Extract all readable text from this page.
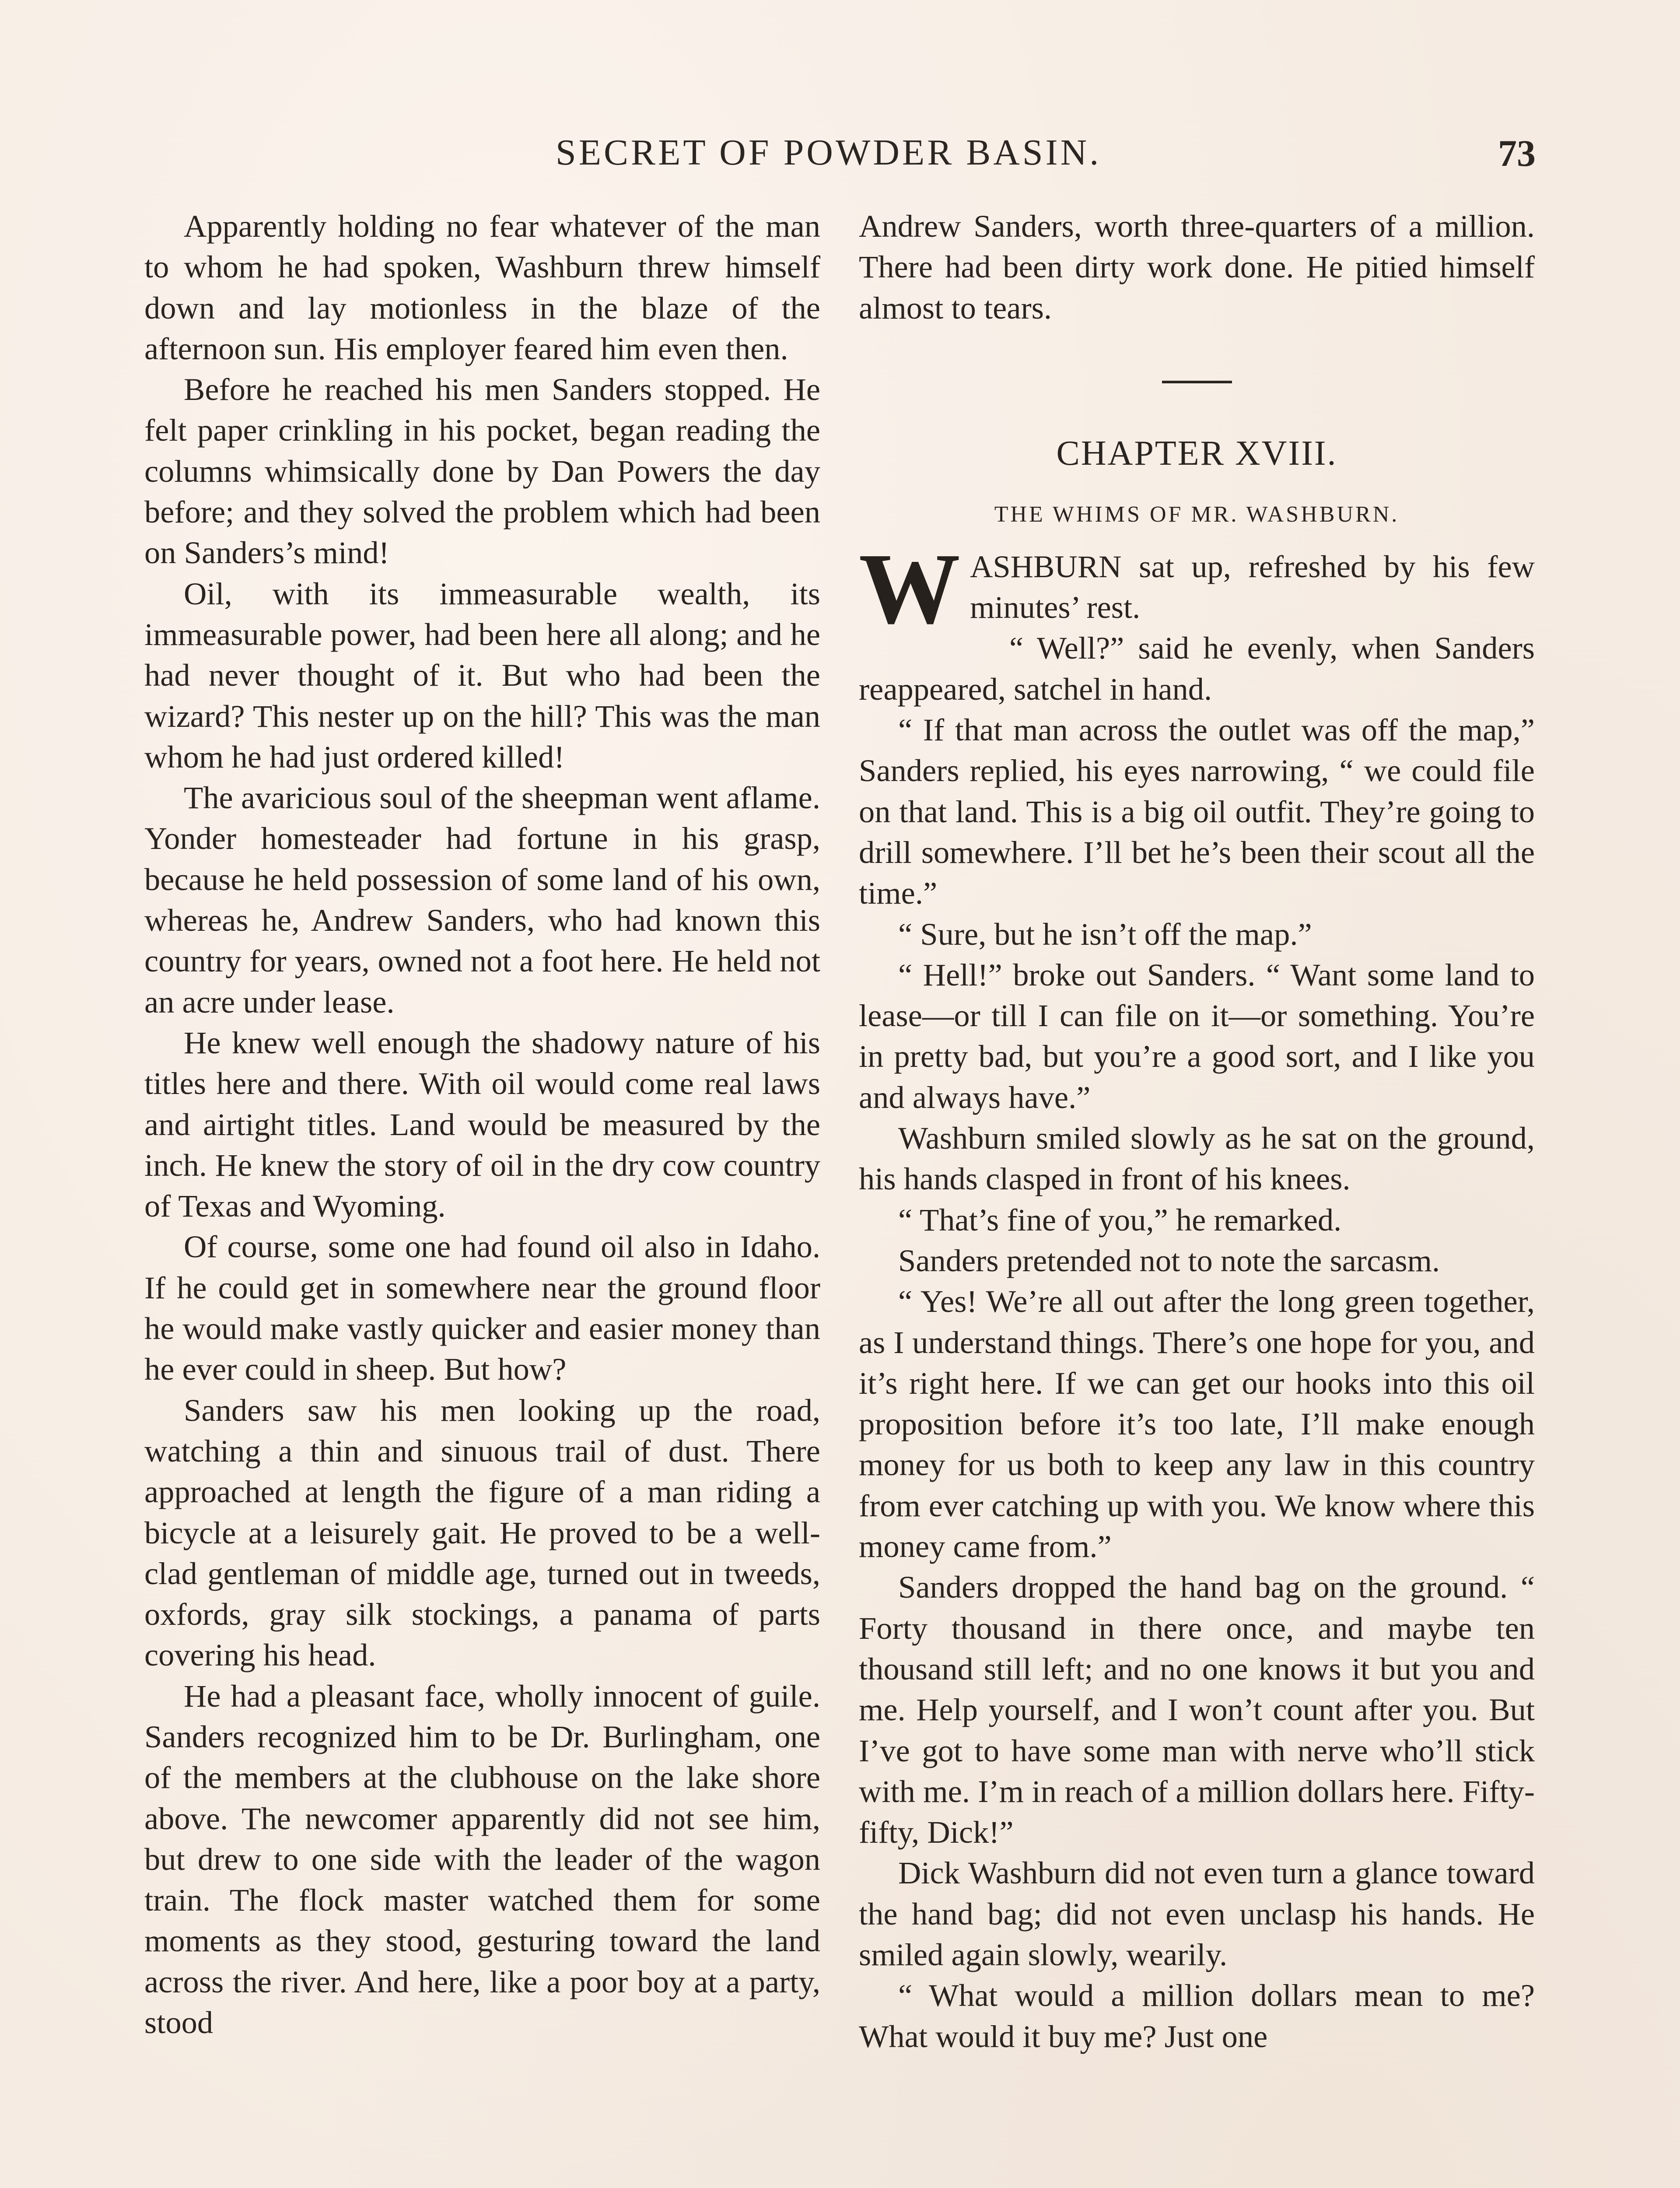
SECRET OF POWDER BASIN.	73

Apparently holding no fear whatever of the man to whom he had spoken, Washburn threw himself down and lay motionless in the blaze of the afternoon sun. His employer feared him even then.

Before he reached his men Sanders stopped. He felt paper crinkling in his pocket, began reading the columns whimsically done by Dan Powers the day before; and they solved the problem which had been on Sanders’s mind!

Oil, with its immeasurable wealth, its immeasurable power, had been here all along; and he had never thought of it. But who had been the wizard? This nester up on the hill? This was the man whom he had just ordered killed!

The avaricious soul of the sheepman went aflame. Yonder homesteader had fortune in his grasp, because he held possession of some land of his own, whereas he, Andrew Sanders, who had known this country for years, owned not a foot here. He held not an acre under lease.

He knew well enough the shadowy nature of his titles here and there. With oil would come real laws and airtight titles. Land would be measured by the inch. He knew the story of oil in the dry cow country of Texas and Wyoming.

Of course, some one had found oil also in Idaho. If he could get in somewhere near the ground floor he would make vastly quicker and easier money than he ever could in sheep. But how?

Sanders saw his men looking up the road, watching a thin and sinuous trail of dust. There approached at length the figure of a man riding a bicycle at a leisurely gait. He proved to be a well-clad gentleman of middle age, turned out in tweeds, oxfords, gray silk stockings, a panama of parts covering his head.

He had a pleasant face, wholly innocent of guile. Sanders recognized him to be Dr. Burlingham, one of the members at the clubhouse on the lake shore above. The newcomer apparently did not see him, but drew to one side with the leader of the wagon train. The flock master watched them for some moments as they stood, gesturing toward the land across the river. And here, like a poor boy at a party, stood

Andrew Sanders, worth three-quarters of a million. There had been dirty work done. He pitied himself almost to tears.

CHAPTER XVIII.
THE WHIMS OF MR. WASHBURN.

WASHBURN sat up, refreshed by his few minutes’ rest.

“ Well?” said he evenly, when Sanders reappeared, satchel in hand.

“ If that man across the outlet was off the map,” Sanders replied, his eyes narrowing, “ we could file on that land. This is a big oil outfit. They’re going to drill somewhere. I’ll bet he’s been their scout all the time.”

“ Sure, but he isn’t off the map.”

“ Hell!” broke out Sanders. “ Want some land to lease—or till I can file on it—or something. You’re in pretty bad, but you’re a good sort, and I like you and always have.”

Washburn smiled slowly as he sat on the ground, his hands clasped in front of his knees.

“ That’s fine of you,” he remarked.

Sanders pretended not to note the sarcasm.

“ Yes! We’re all out after the long green together, as I understand things. There’s one hope for you, and it’s right here. If we can get our hooks into this oil proposition before it’s too late, I’ll make enough money for us both to keep any law in this country from ever catching up with you. We know where this money came from.”

Sanders dropped the hand bag on the ground. “ Forty thousand in there once, and maybe ten thousand still left; and no one knows it but you and me. Help yourself, and I won’t count after you. But I’ve got to have some man with nerve who’ll stick with me. I’m in reach of a million dollars here. Fifty-fifty, Dick!”

Dick Washburn did not even turn a glance toward the hand bag; did not even unclasp his hands. He smiled again slowly, wearily.

“ What would a million dollars mean to me? What would it buy me? Just one
